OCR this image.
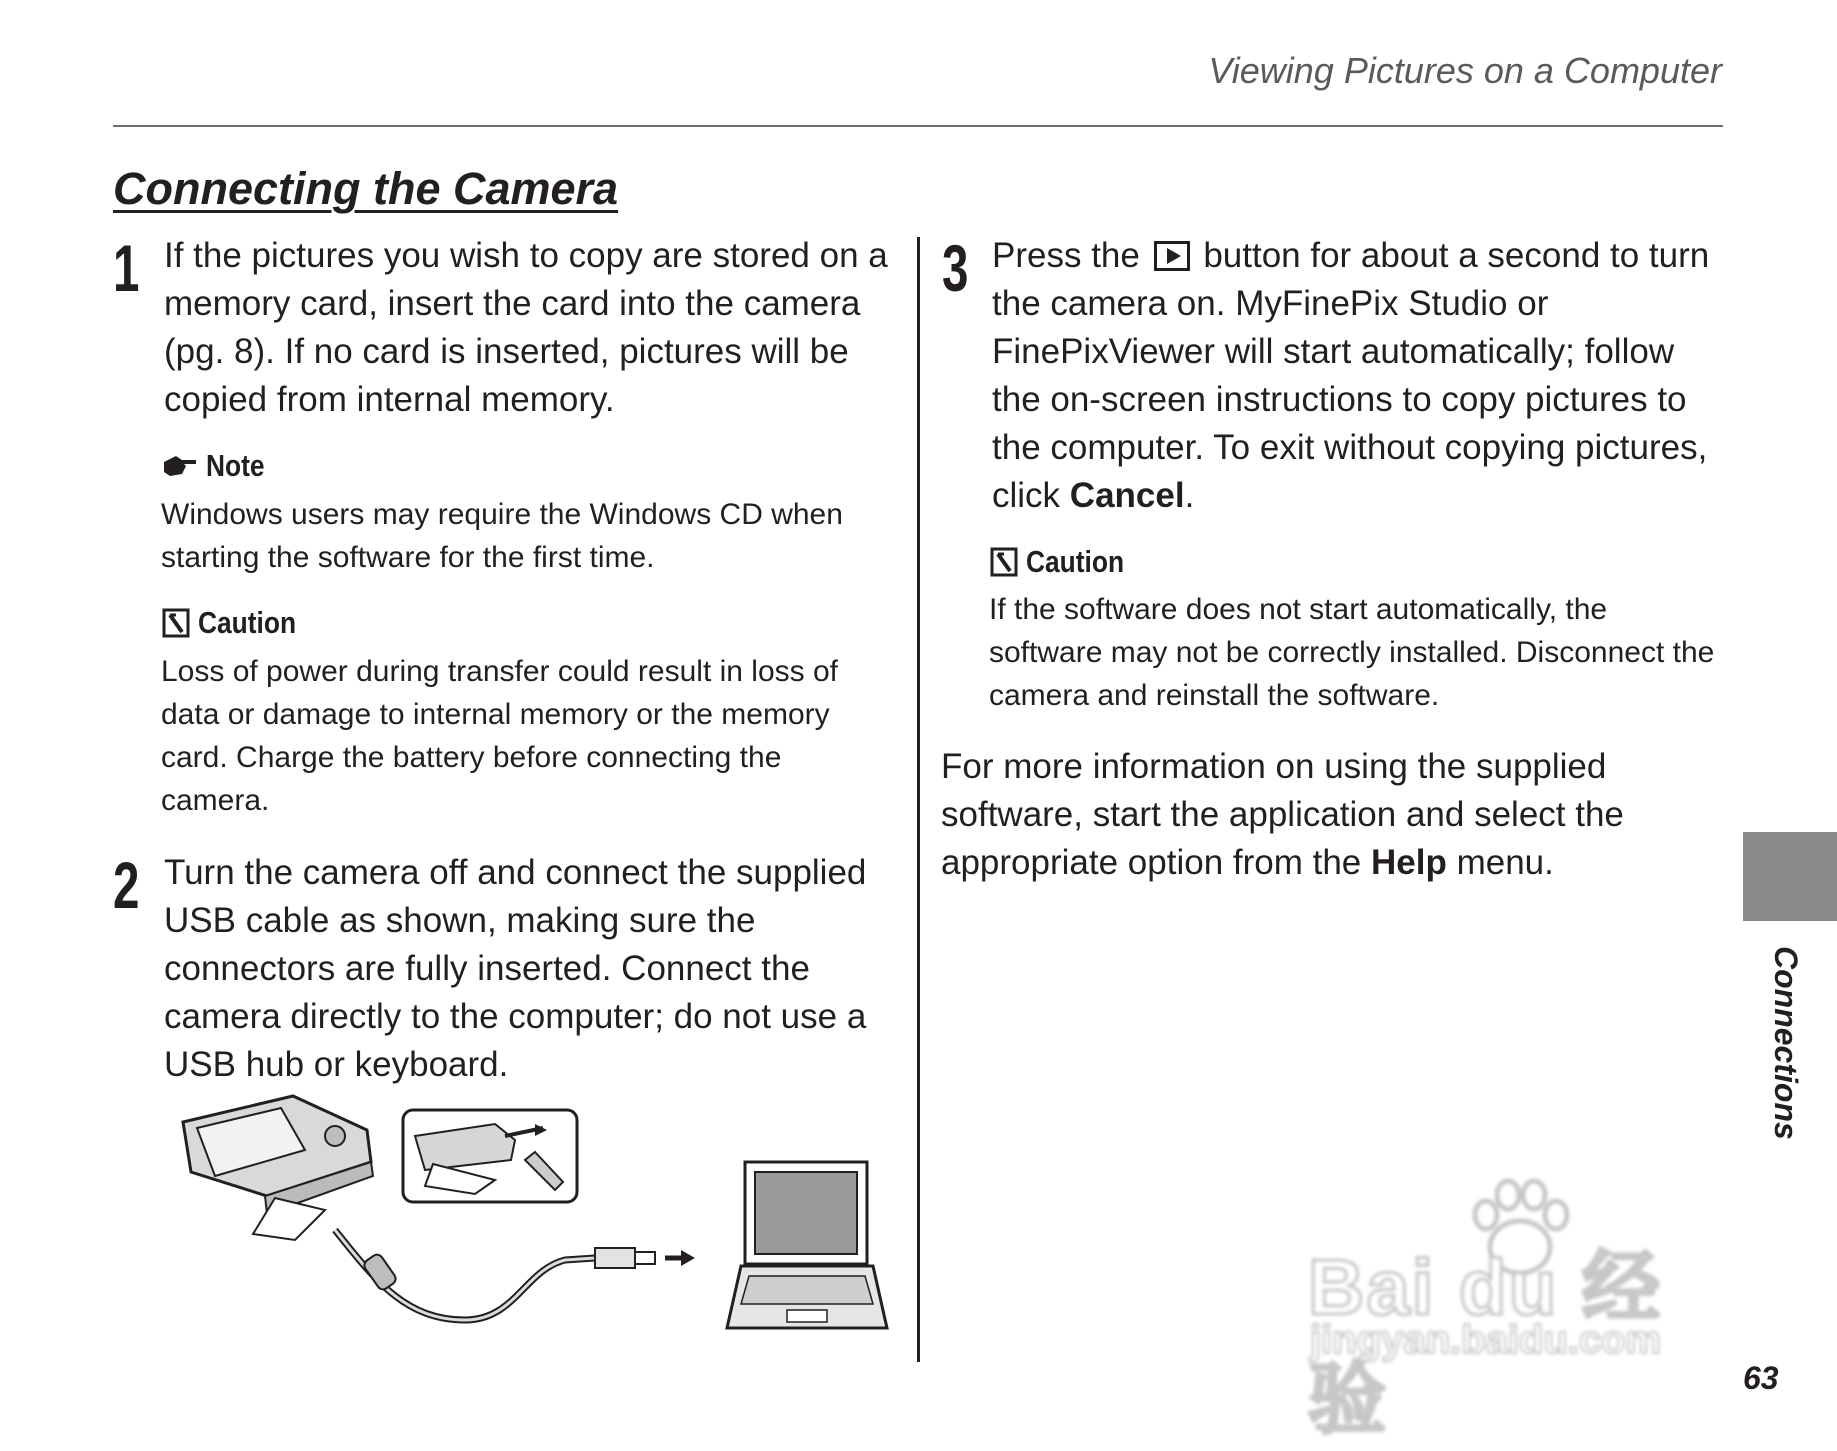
Viewing Pictures on a Computer
Connecting the Camera
1 If the pictures you wish to copy are stored on a memory card, insert the card into the camera (pg. 8). If no card is inserted, pictures will be copied from internal memory.
Note
Windows users may require the Windows CD when starting the software for the first time.
Caution
Loss of power during transfer could result in loss of data or damage to internal memory or the memory card. Charge the battery before connecting the camera.
2 Turn the camera off and connect the supplied USB cable as shown, making sure the connectors are fully inserted. Connect the camera directly to the computer; do not use a USB hub or keyboard.
3 Press the button for about a second to turn the camera on. MyFinePix Studio or FinePixViewer will start automatically; follow the on-screen instructions to copy pictures to the computer. To exit without copying pictures, click Cancel.
Caution
If the software does not start automatically, the software may not be correctly installed. Disconnect the camera and reinstall the software.
For more information on using the supplied software, start the application and select the appropriate option from the Help menu.
Connections
Bai du 经验
jingyan.baidu.com
63
